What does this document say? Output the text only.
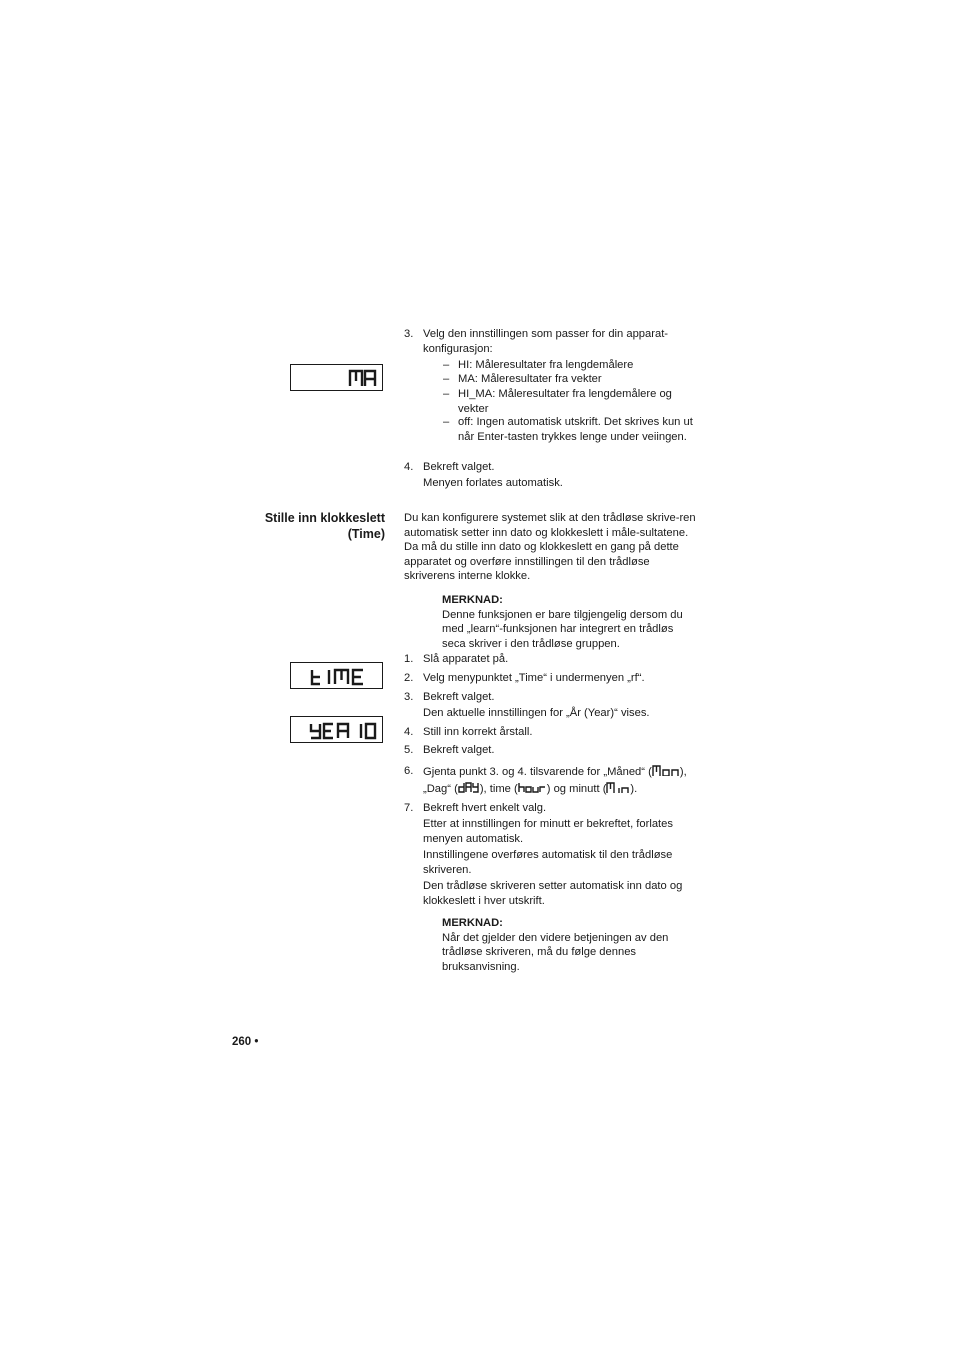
3. Velg den innstillingen som passer for din apparat-konfigurasjon:
– HI: Måleresultater fra lengdemålere
– MA: Måleresultater fra vekter
– HI_MA: Måleresultater fra lengdemålere og vekter
– off: Ingen automatisk utskrift. Det skrives kun ut når Enter-tasten trykkes lenge under veiingen.
4. Bekreft valget.
Menyen forlates automatisk.
Stille inn klokkeslett
(Time)
Du kan konfigurere systemet slik at den trådløse skrive-ren automatisk setter inn dato og klokkeslett i måle-sultatene. Da må du stille inn dato og klokkeslett en gang på dette apparatet og overføre innstillingen til den trådløse skriverens interne klokke.
MERKNAD:
Denne funksjonen er bare tilgjengelig dersom du med „learn“-funksjonen har integrert en trådløs seca skriver i den trådløse gruppen.
1. Slå apparatet på.
2. Velg menypunktet „Time“ i undermenyen „rf“.
3. Bekreft valget.
Den aktuelle innstillingen for „År (Year)“ vises.
4. Still inn korrekt årstall.
5. Bekreft valget.
6. Gjenta punkt 3. og 4. tilsvarende for „Måned“ (	),
„Dag“ ( ), time (	) og minutt ( ).
7. Bekreft hvert enkelt valg.
Etter at innstillingen for minutt er bekreftet, forlates menyen automatisk.
Innstillingene overføres automatisk til den trådløse skriveren.
Den trådløse skriveren setter automatisk inn dato og klokkeslett i hver utskrift.
MERKNAD:
Når det gjelder den videre betjeningen av den trådløse skriveren, må du følge dennes bruksanvisning.
260 •
